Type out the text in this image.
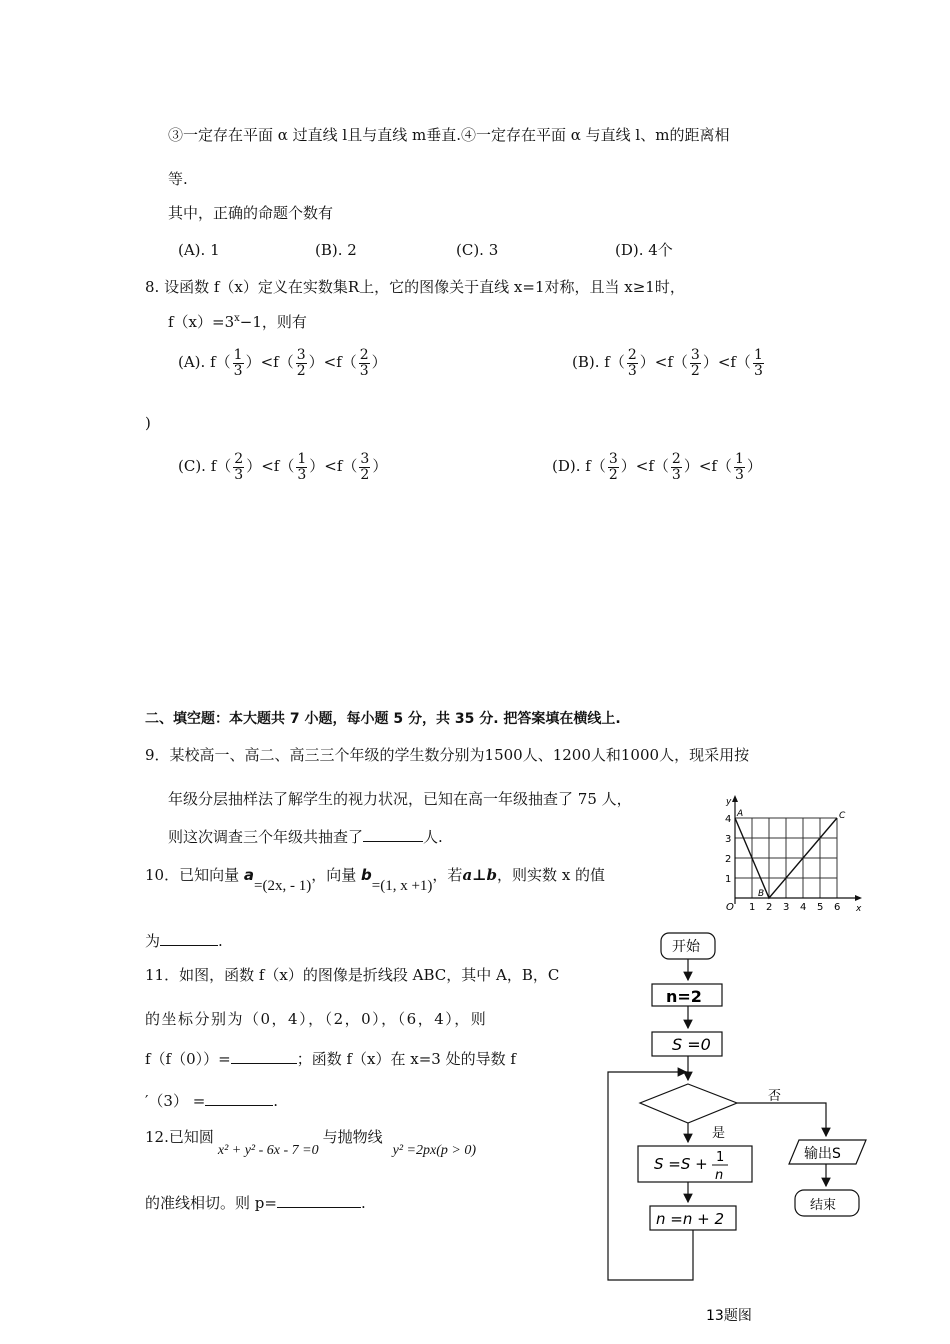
③一定存在平面 α 过直线 l且与直线 m垂直.④一定存在平面 α 与直线 l、m的距离相
等.
其中，正确的命题个数有
(A). 1	(B). 2	(C). 3	(D). 4个
8. 设函数 f（x）定义在实数集R上，它的图像关于直线 x=1对称，且当 x≥1时，
$f(x)=3^x-1$，则有
(A). $f( \frac{1}{3} )<f( \frac{3}{2} )<f( \frac{2}{3}$ ）	(B). $f( \frac{2}{3} )<f( \frac{3}{2} )<f( \frac{1}{3}$
)
(C). $f( \frac{2}{3} )<f( \frac{1}{3} )<f( \frac{3}{2}$ ）	(D). $f( \frac{3}{2} )<f( \frac{2}{3} )<f( \frac{1}{3}$ ）
二、填空题：本大题共 7 小题，每小题 5 分，共 35 分. 把答案填在横线上.
9．某校高一、高二、高三三个年级的学生数分别为1500人、1200人和1000人，现采用按
年级分层抽样法了解学生的视力状况，已知在高一年级抽查了 75 人，
则这次调查三个年级共抽查了	人.
10．已知向量 a=(2x, - 1)，向量 b=(1, x +1)，若a⊥b，则实数 x 的值
为	.
11．如图，函数 f（x）的图像是折线段 ABC，其中 A，B，C
的坐标分别为（0，4），（2，0），（6，4），则
f（f（0））=	；函数 f（x）在 x=3 处的导数 f
′（3） =	.
12.已知圆x² + y² - 6x - 7 =0与抛物线y² =2px(p > 0)
的准线相切。则 p=	.
y
x
O 1 2 3 4 5 6
1
2
3
4 A
B
C
开始
n=2
S =0
是
否
S =S + 1
n
n =n + 2
输出S
结束
13题图
